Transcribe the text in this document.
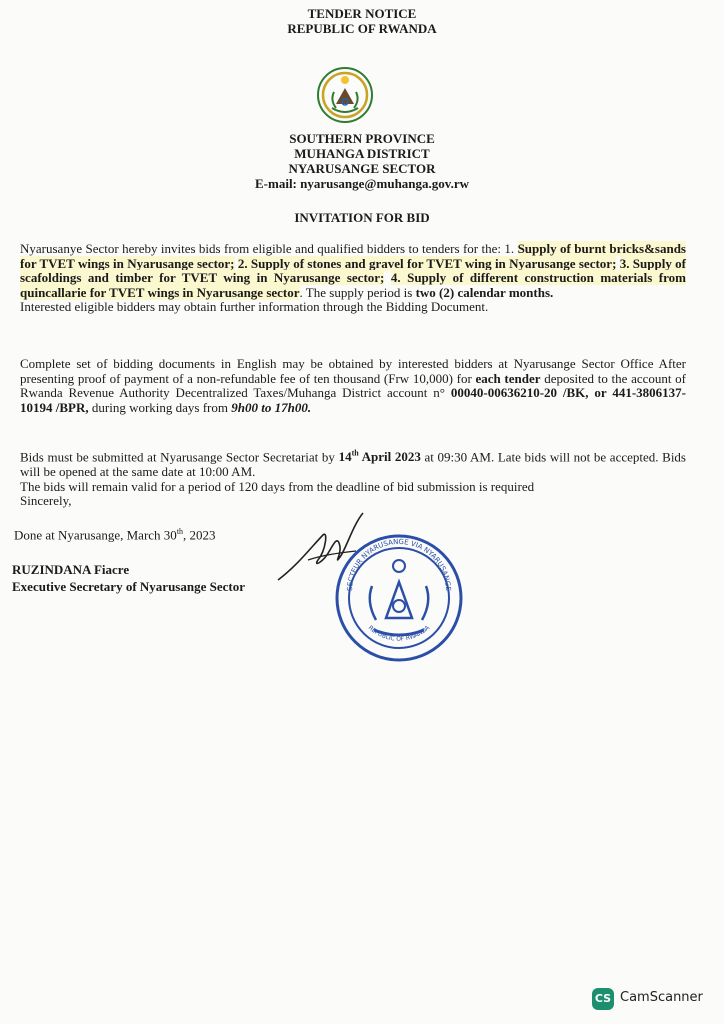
TENDER NOTICE
REPUBLIC OF RWANDA
SOUTHERN PROVINCE
MUHANGA DISTRICT
NYARUSANGE SECTOR
E-mail: nyarusange@muhanga.gov.rw
INVITATION FOR BID
Nyarusanye Sector hereby invites bids from eligible and qualified bidders to tenders for the: 1. Supply of burnt bricks&sands for TVET wings in Nyarusange sector; 2. Supply of stones and gravel for TVET wing in Nyarusange sector; 3. Supply of scafoldings and timber for TVET wing in Nyarusange sector; 4. Supply of different construction materials from quincallarie for TVET wings in Nyarusange sector. The supply period is two (2) calendar months.
Interested eligible bidders may obtain further information through the Bidding Document.
Complete set of bidding documents in English may be obtained by interested bidders at Nyarusange Sector Office After presenting proof of payment of a non-refundable fee of ten thousand (Frw 10,000) for each tender deposited to the account of Rwanda Revenue Authority Decentralized Taxes/Muhanga District account n° 00040-00636210-20 /BK, or 441-3806137-10194 /BPR, during working days from 9h00 to 17h00.
Bids must be submitted at Nyarusange Sector Secretariat by 14th April 2023 at 09:30 AM. Late bids will not be accepted. Bids will be opened at the same date at 10:00 AM.
The bids will remain valid for a period of 120 days from the deadline of bid submission is required
Sincerely,
Done at Nyarusange, March 30th, 2023
RUZINDANA Fiacre
Executive Secretary of Nyarusange Sector	SECTEUR NYARUSANGE VIA NYARUSANGE
REPUBLIC OF RWANDA
CS CamScanner
